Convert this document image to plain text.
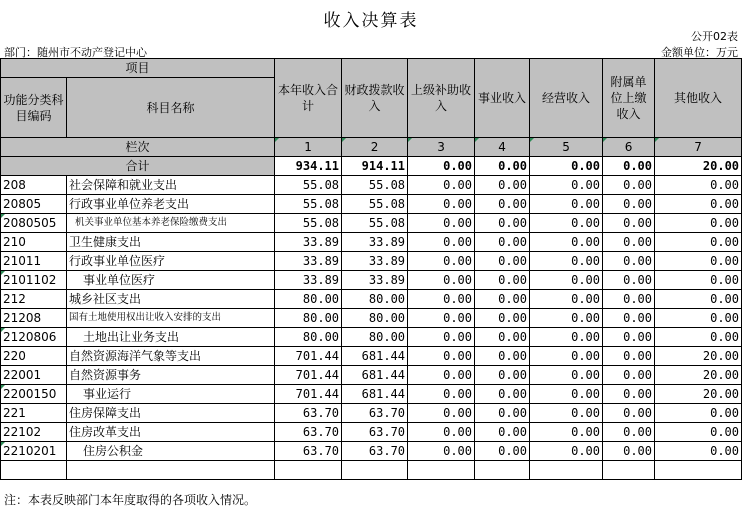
收入决算表
公开02表
部门：随州市不动产登记中心	金额单位：万元
项目		本年收入合计	财政拨款收入	上级补助收入	事业收入	经营收入	附属单位上缴收入	其他收入
功能分类科目编码	科目名称							
栏次		1	2	3	4	5	6	7
合计		934.11	914.11	0.00	0.00	0.00	0.00	20.00
208	社会保障和就业支出	55.08	55.08	0.00	0.00	0.00	0.00	0.00
20805	行政事业单位养老支出	55.08	55.08	0.00	0.00	0.00	0.00	0.00
2080505	机关事业单位基本养老保险缴费支出	55.08	55.08	0.00	0.00	0.00	0.00	0.00
210	卫生健康支出	33.89	33.89	0.00	0.00	0.00	0.00	0.00
21011	行政事业单位医疗	33.89	33.89	0.00	0.00	0.00	0.00	0.00
2101102	事业单位医疗	33.89	33.89	0.00	0.00	0.00	0.00	0.00
212	城乡社区支出	80.00	80.00	0.00	0.00	0.00	0.00	0.00
21208	国有土地使用权出让收入安排的支出	80.00	80.00	0.00	0.00	0.00	0.00	0.00
2120806	土地出让业务支出	80.00	80.00	0.00	0.00	0.00	0.00	0.00
220	自然资源海洋气象等支出	701.44	681.44	0.00	0.00	0.00	0.00	20.00
22001	自然资源事务	701.44	681.44	0.00	0.00	0.00	0.00	20.00
2200150	事业运行	701.44	681.44	0.00	0.00	0.00	0.00	20.00
221	住房保障支出	63.70	63.70	0.00	0.00	0.00	0.00	0.00
22102	住房改革支出	63.70	63.70	0.00	0.00	0.00	0.00	0.00
2210201	住房公积金	63.70	63.70	0.00	0.00	0.00	0.00	0.00

注：本表反映部门本年度取得的各项收入情况。
